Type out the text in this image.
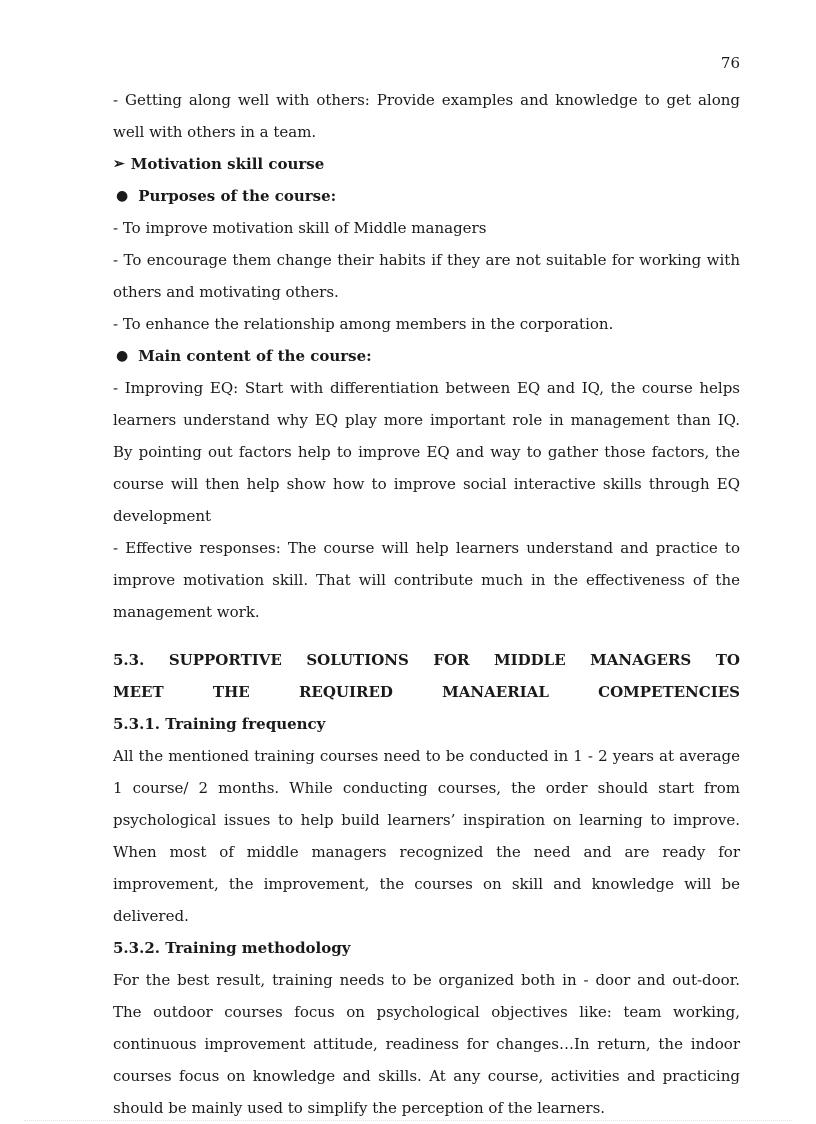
76

- Getting along well with others: Provide examples and knowledge to get along well with others in a team.

➢ Motivation skill course
● Purposes of the course:

- To improve motivation skill of Middle managers

- To encourage them change their habits if they are not suitable for working with others and motivating others.

- To enhance the relationship among members in the corporation.

● Main content of the course:

- Improving EQ: Start with differentiation between EQ and IQ, the course helps learners understand why EQ play more important role in management than IQ. By pointing out factors help to improve EQ and way to gather those factors, the course will then help show how to improve social interactive skills through EQ development

- Effective responses: The course will help learners understand and practice to improve motivation skill. That will contribute much in the effectiveness of the management work.

5.3. SUPPORTIVE SOLUTIONS FOR MIDDLE MANAGERS TO MEET THE REQUIRED MANAERIAL COMPETENCIES

5.3.1. Training frequency

All the mentioned training courses need to be conducted in 1 - 2 years at average 1 course/ 2 months. While conducting courses, the order should start from psychological issues to help build learners’ inspiration on learning to improve. When most of middle managers recognized the need and are ready for improvement, the improvement, the courses on skill and knowledge will be delivered.

5.3.2. Training methodology

For the best result, training needs to be organized both in - door and out-door. The outdoor courses focus on psychological objectives like: team working, continuous improvement attitude, readiness for changes…In return, the indoor courses focus on knowledge and skills. At any course, activities and practicing should be mainly used to simplify the perception of the learners.
